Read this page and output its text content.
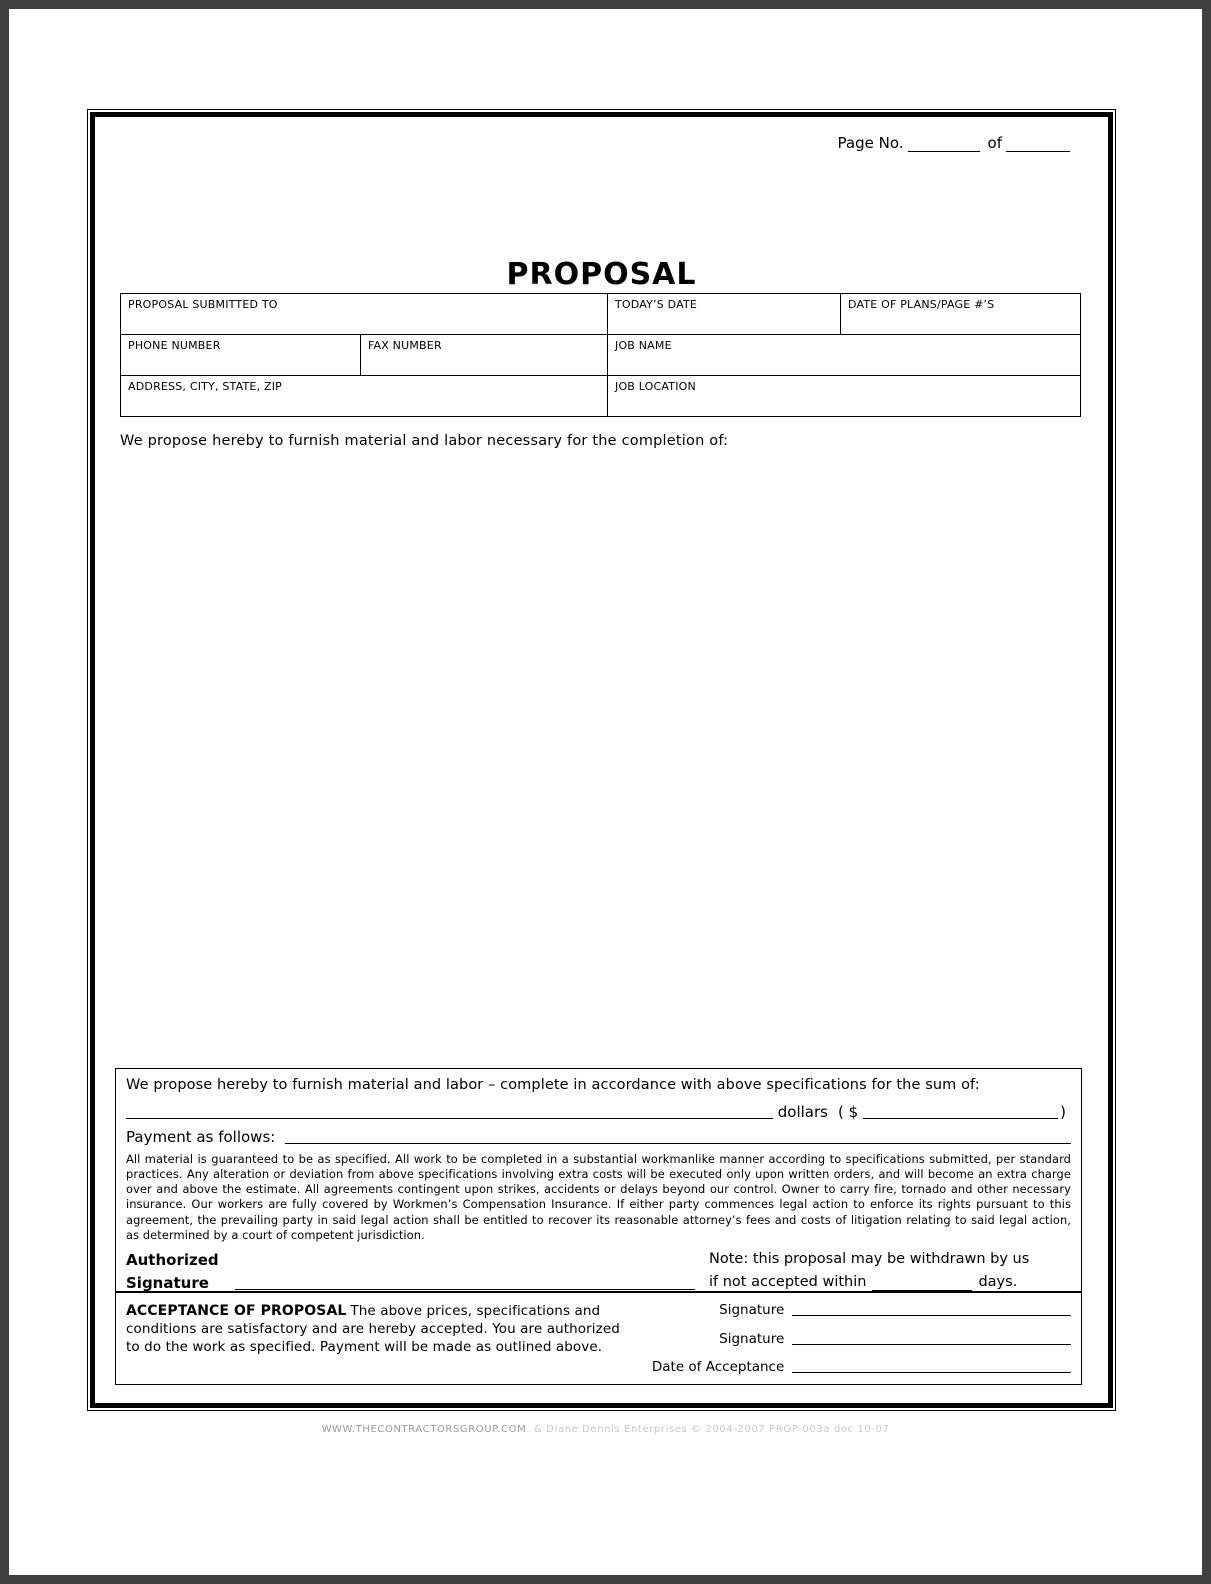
Page No.	of
PROPOSAL
PROPOSAL SUBMITTED TO		TODAY’S DATE	DATE OF PLANS/PAGE #’S
PHONE NUMBER	FAX NUMBER	JOB NAME	
ADDRESS, CITY, STATE, ZIP		JOB LOCATION	
We propose hereby to furnish material and labor necessary for the completion of:
We propose hereby to furnish material and labor – complete in accordance with above specifications for the sum of:
dollars ( $	)
Payment as follows:
All material is guaranteed to be as specified. All work to be completed in a substantial workmanlike manner according to specifications submitted, per standard practices. Any alteration or deviation from above specifications involving extra costs will be executed only upon written orders, and will become an extra charge over and above the estimate. All agreements contingent upon strikes, accidents or delays beyond our control. Owner to carry fire, tornado and other necessary insurance. Our workers are fully covered by Workmen’s Compensation Insurance. If either party commences legal action to enforce its rights pursuant to this agreement, the prevailing party in said legal action shall be entitled to recover its reasonable attorney’s fees and costs of litigation relating to said legal action, as determined by a court of competent jurisdiction.
Authorized
Signature
Note: this proposal may be withdrawn by us
if not accepted within	days.
ACCEPTANCE OF PROPOSAL The above prices, specifications and conditions are satisfactory and are hereby accepted. You are authorized to do the work as specified. Payment will be made as outlined above.
Signature
Signature
Date of Acceptance
WWW.THECONTRACTORSGROUP.COM & Diane Dennis Enterprises © 2004-2007 PROP-003a doc 10-07
